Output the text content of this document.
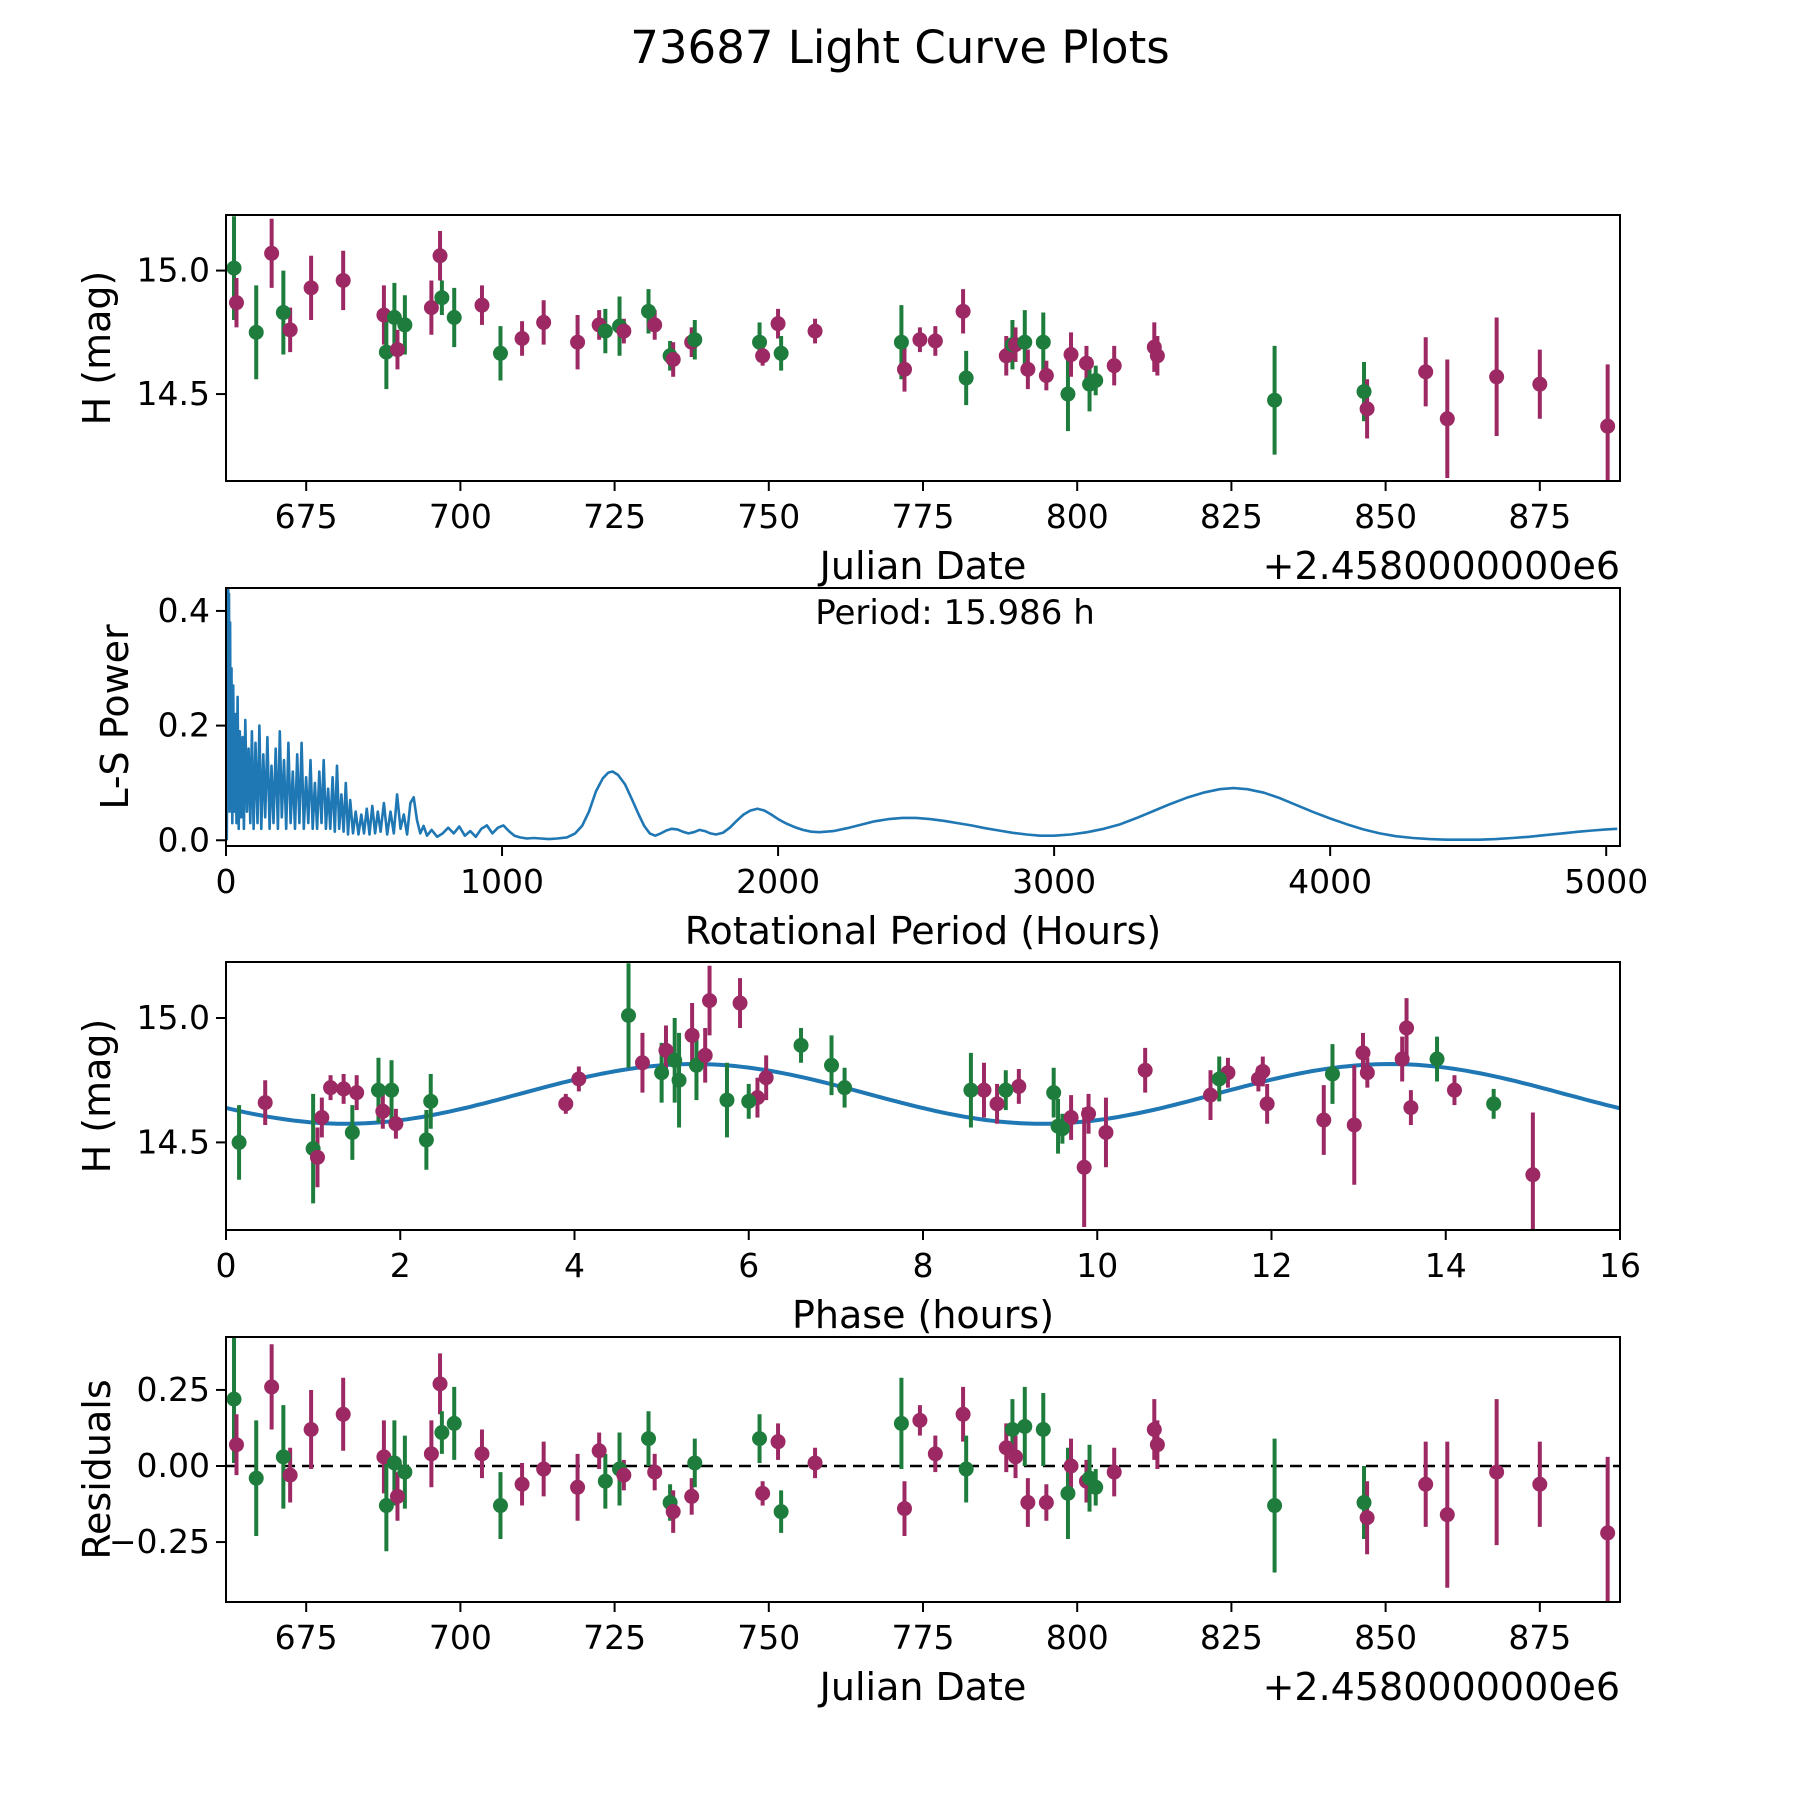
73687 Light Curve Plots
675	700	725	750	775	800	825	850	875
14.5
15.0
Julian Date
H (mag)
+2.4580000000e6
0	1000	2000	3000	4000	5000
0.0
0.2
0.4
Rotational Period (Hours)
L-S Power
Period: 15.986 h
0	2	4	6	8	10	12	14	16
14.5
15.0
Phase (hours)
H (mag)
675	700	725	750	775	800	825	850	875
−0.25
0.00
0.25
Julian Date
Residuals
+2.4580000000e6
